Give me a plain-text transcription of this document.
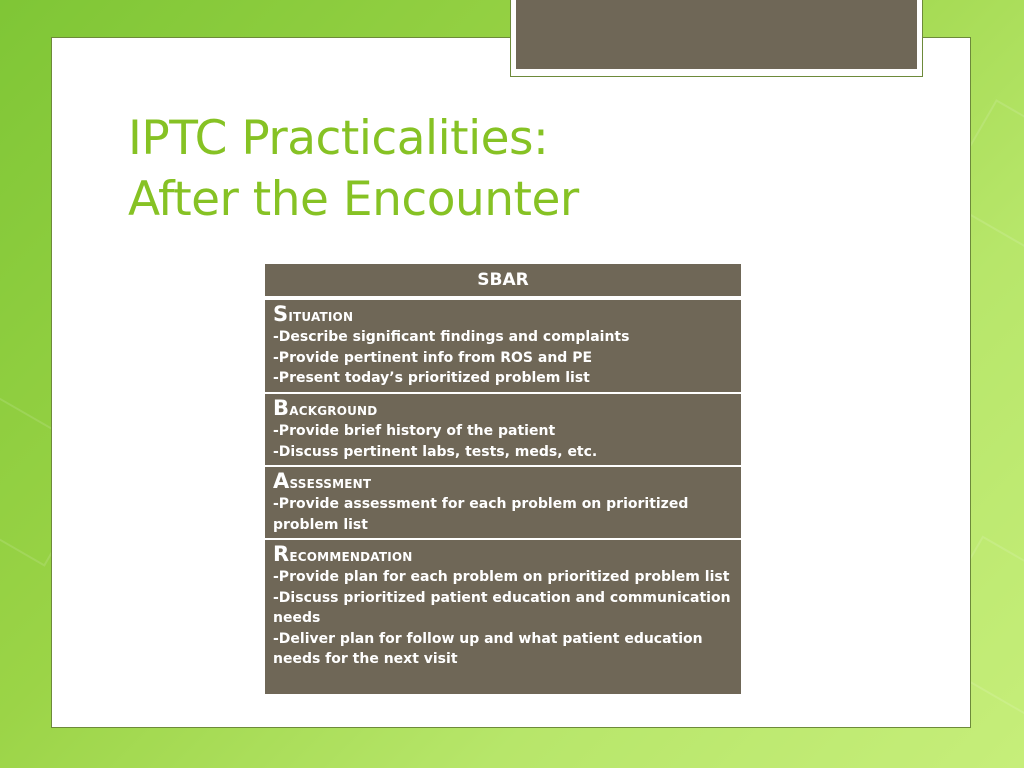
IPTC Practicalities:
After the Encounter
SBAR
Situation
-Describe significant findings and complaints
-Provide pertinent info from ROS and PE
-Present today’s prioritized problem list
Background
-Provide brief history of the patient
-Discuss pertinent labs, tests, meds, etc.
Assessment
-Provide assessment for each problem on prioritized problem list
Recommendation
-Provide plan for each problem on prioritized problem list
-Discuss prioritized patient education and communication needs
-Deliver plan for follow up and what patient education needs for the next visit
